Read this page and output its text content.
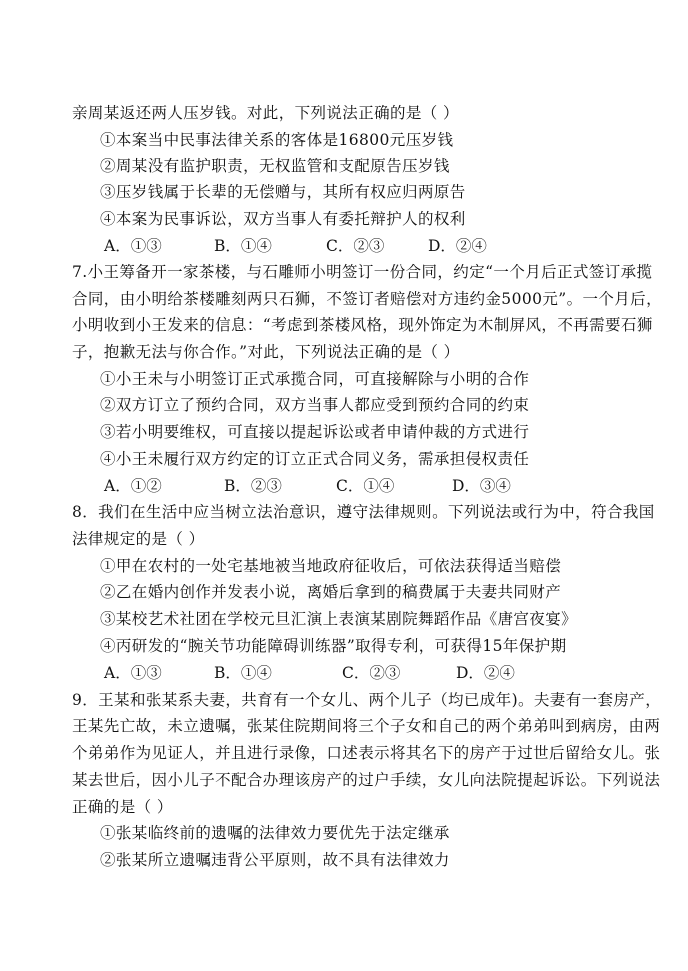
亲周某返还两人压岁钱。对此，下列说法正确的是（ ）
①本案当中民事法律关系的客体是16800元压岁钱
②周某没有监护职责，无权监管和支配原告压岁钱
③压岁钱属于长辈的无偿赠与，其所有权应归两原告
④本案为民事诉讼，双方当事人有委托辩护人的权利
A．①③	B．①④	C．②③	D．②④
7.小王筹备开一家茶楼，与石雕师小明签订一份合同，约定“一个月后正式签订承揽
合同，由小明给茶楼雕刻两只石狮，不签订者赔偿对方违约金5000元”。一个月后，
小明收到小王发来的信息：“考虑到茶楼风格，现外饰定为木制屏风，不再需要石狮
子，抱歉无法与你合作。”对此，下列说法正确的是（ ）
①小王未与小明签订正式承揽合同，可直接解除与小明的合作
②双方订立了预约合同，双方当事人都应受到预约合同的约束
③若小明要维权，可直接以提起诉讼或者申请仲裁的方式进行
④小王未履行双方约定的订立正式合同义务，需承担侵权责任
A．①②	B．②③	C．①④	D．③④
8．我们在生活中应当树立法治意识，遵守法律规则。下列说法或行为中，符合我国
法律规定的是（ ）
①甲在农村的一处宅基地被当地政府征收后，可依法获得适当赔偿
②乙在婚内创作并发表小说，离婚后拿到的稿费属于夫妻共同财产
③某校艺术社团在学校元旦汇演上表演某剧院舞蹈作品《唐宫夜宴》
④丙研发的“腕关节功能障碍训练器”取得专利，可获得15年保护期
A．①③	B．①④	C．②③	D．②④
9．王某和张某系夫妻，共育有一个女儿、两个儿子（均已成年)。夫妻有一套房产，
王某先亡故，未立遗嘱，张某住院期间将三个子女和自己的两个弟弟叫到病房，由两
个弟弟作为见证人，并且进行录像，口述表示将其名下的房产于过世后留给女儿。张
某去世后，因小儿子不配合办理该房产的过户手续，女儿向法院提起诉讼。下列说法
正确的是（ ）
①张某临终前的遗嘱的法律效力要优先于法定继承
②张某所立遗嘱违背公平原则，故不具有法律效力
